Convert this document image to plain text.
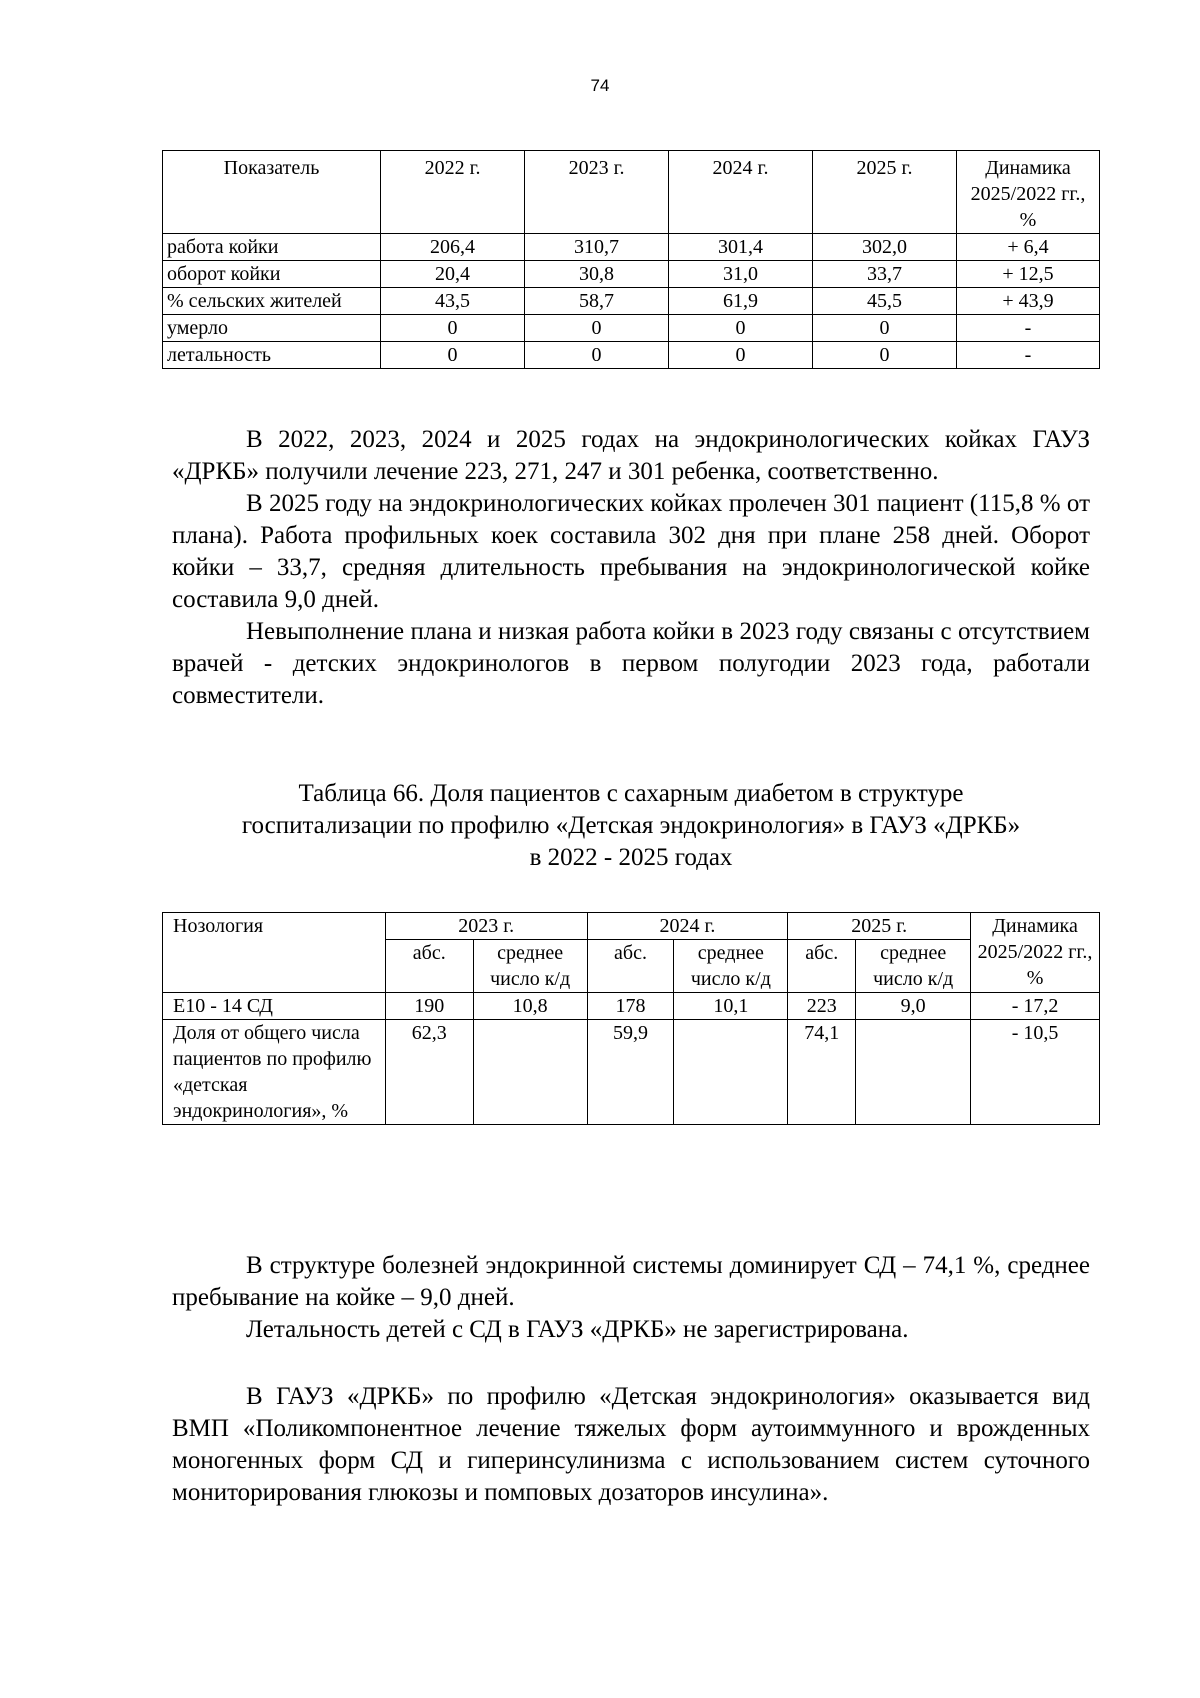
74
Показатель	2022 г.	2023 г.	2024 г.	2025 г.	Динамика 2025/2022 гг., %
работа койки	206,4	310,7	301,4	302,0	+ 6,4
оборот койки	20,4	30,8	31,0	33,7	+ 12,5
% сельских жителей	43,5	58,7	61,9	45,5	+ 43,9
умерло	0	0	0	0	-
летальность	0	0	0	0	-

В 2022, 2023, 2024 и 2025 годах на эндокринологических койках ГАУЗ «ДРКБ» получили лечение 223, 271, 247 и 301 ребенка, соответственно.

В 2025 году на эндокринологических койках пролечен 301 пациент (115,8 % от плана). Работа профильных коек составила 302 дня при плане 258 дней. Оборот койки – 33,7, средняя длительность пребывания на эндокринологической койке составила 9,0 дней.

Невыполнение плана и низкая работа койки в 2023 году связаны с отсутствием врачей - детских эндокринологов в первом полугодии 2023 года, работали совместители.

Таблица 66. Доля пациентов с сахарным диабетом в структуре
госпитализации по профилю «Детская эндокринология» в ГАУЗ «ДРКБ»
в 2022 - 2025 годах
Нозология	2023 г.		2024 г.		2025 г.		Динамика 2025/2022 гг., %
	абс.	среднее число к/д	абс.	среднее число к/д	абс.	среднее число к/д	
Е10 - 14 СД	190	10,8	178	10,1	223	9,0	- 17,2
Доля от общего числа пациентов по профилю «детская эндокринология», %	62,3		59,9		74,1		- 10,5

В структуре болезней эндокринной системы доминирует СД – 74,1 %, среднее пребывание на койке – 9,0 дней.

Летальность детей с СД в ГАУЗ «ДРКБ» не зарегистрирована.

В ГАУЗ «ДРКБ» по профилю «Детская эндокринология» оказывается вид ВМП «Поликомпонентное лечение тяжелых форм аутоиммунного и врожденных моногенных форм СД и гиперинсулинизма с использованием систем суточного мониторирования глюкозы и помповых дозаторов инсулина».
